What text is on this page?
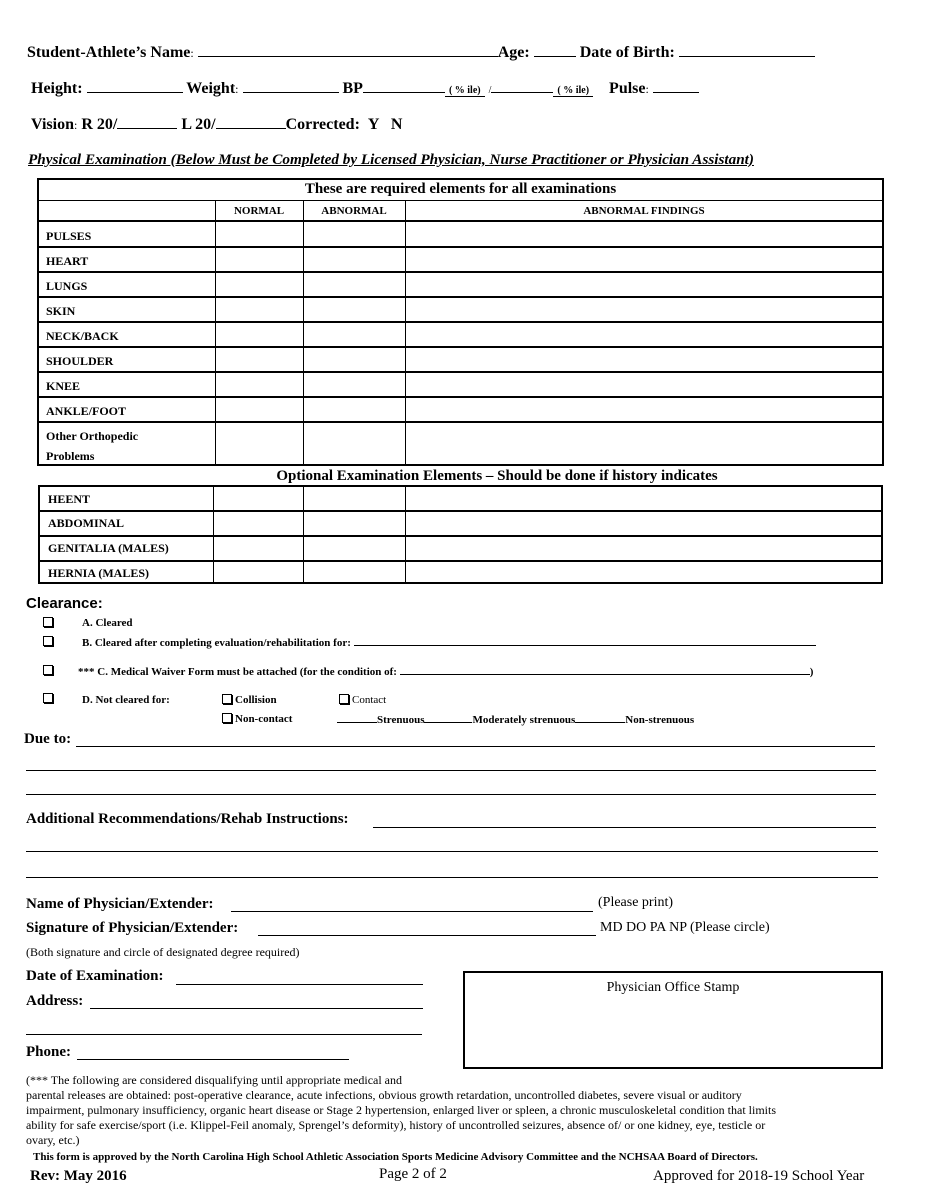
Student-Athlete’s Name:	Age:	Date of Birth:
Height:	Weight:	BP	( % ile) /	( % ile) Pulse:
Vision: R 20/	L 20/	Corrected: Y N
Physical Examination (Below Must be Completed by Licensed Physician, Nurse Practitioner or Physician Assistant)
These are required elements for all examinations
NORMAL	ABNORMAL	ABNORMAL FINDINGS
PULSES
HEART
LUNGS
SKIN
NECK/BACK
SHOULDER
KNEE
ANKLE/FOOT
Other Orthopedic
Problems
Optional Examination Elements – Should be done if history indicates
HEENT
ABDOMINAL
GENITALIA (MALES)
HERNIA (MALES)
Clearance:
A. Cleared
B. Cleared after completing evaluation/rehabilitation for:
*** C. Medical Waiver Form must be attached (for the condition of:	)
D. Not cleared for:	Collision	Contact
Non-contact	Strenuous	Moderately strenuous	Non-strenuous
Due to:
Additional Recommendations/Rehab Instructions:
Name of Physician/Extender:	(Please print)
Signature of Physician/Extender:	MD DO PA NP (Please circle)
(Both signature and circle of designated degree required)
Date of Examination:
Address:
Phone:
Physician Office Stamp
(*** The following are considered disqualifying until appropriate medical and
parental releases are obtained: post-operative clearance, acute infections, obvious growth retardation, uncontrolled diabetes, severe visual or auditory
impairment, pulmonary insufficiency, organic heart disease or Stage 2 hypertension, enlarged liver or spleen, a chronic musculoskeletal condition that limits
ability for safe exercise/sport (i.e. Klippel-Feil anomaly, Sprengel’s deformity), history of uncontrolled seizures, absence of/ or one kidney, eye, testicle or
ovary, etc.)
This form is approved by the North Carolina High School Athletic Association Sports Medicine Advisory Committee and the NCHSAA Board of Directors.
Rev: May 2016	Page 2 of 2	Approved for 2018-19 School Year
